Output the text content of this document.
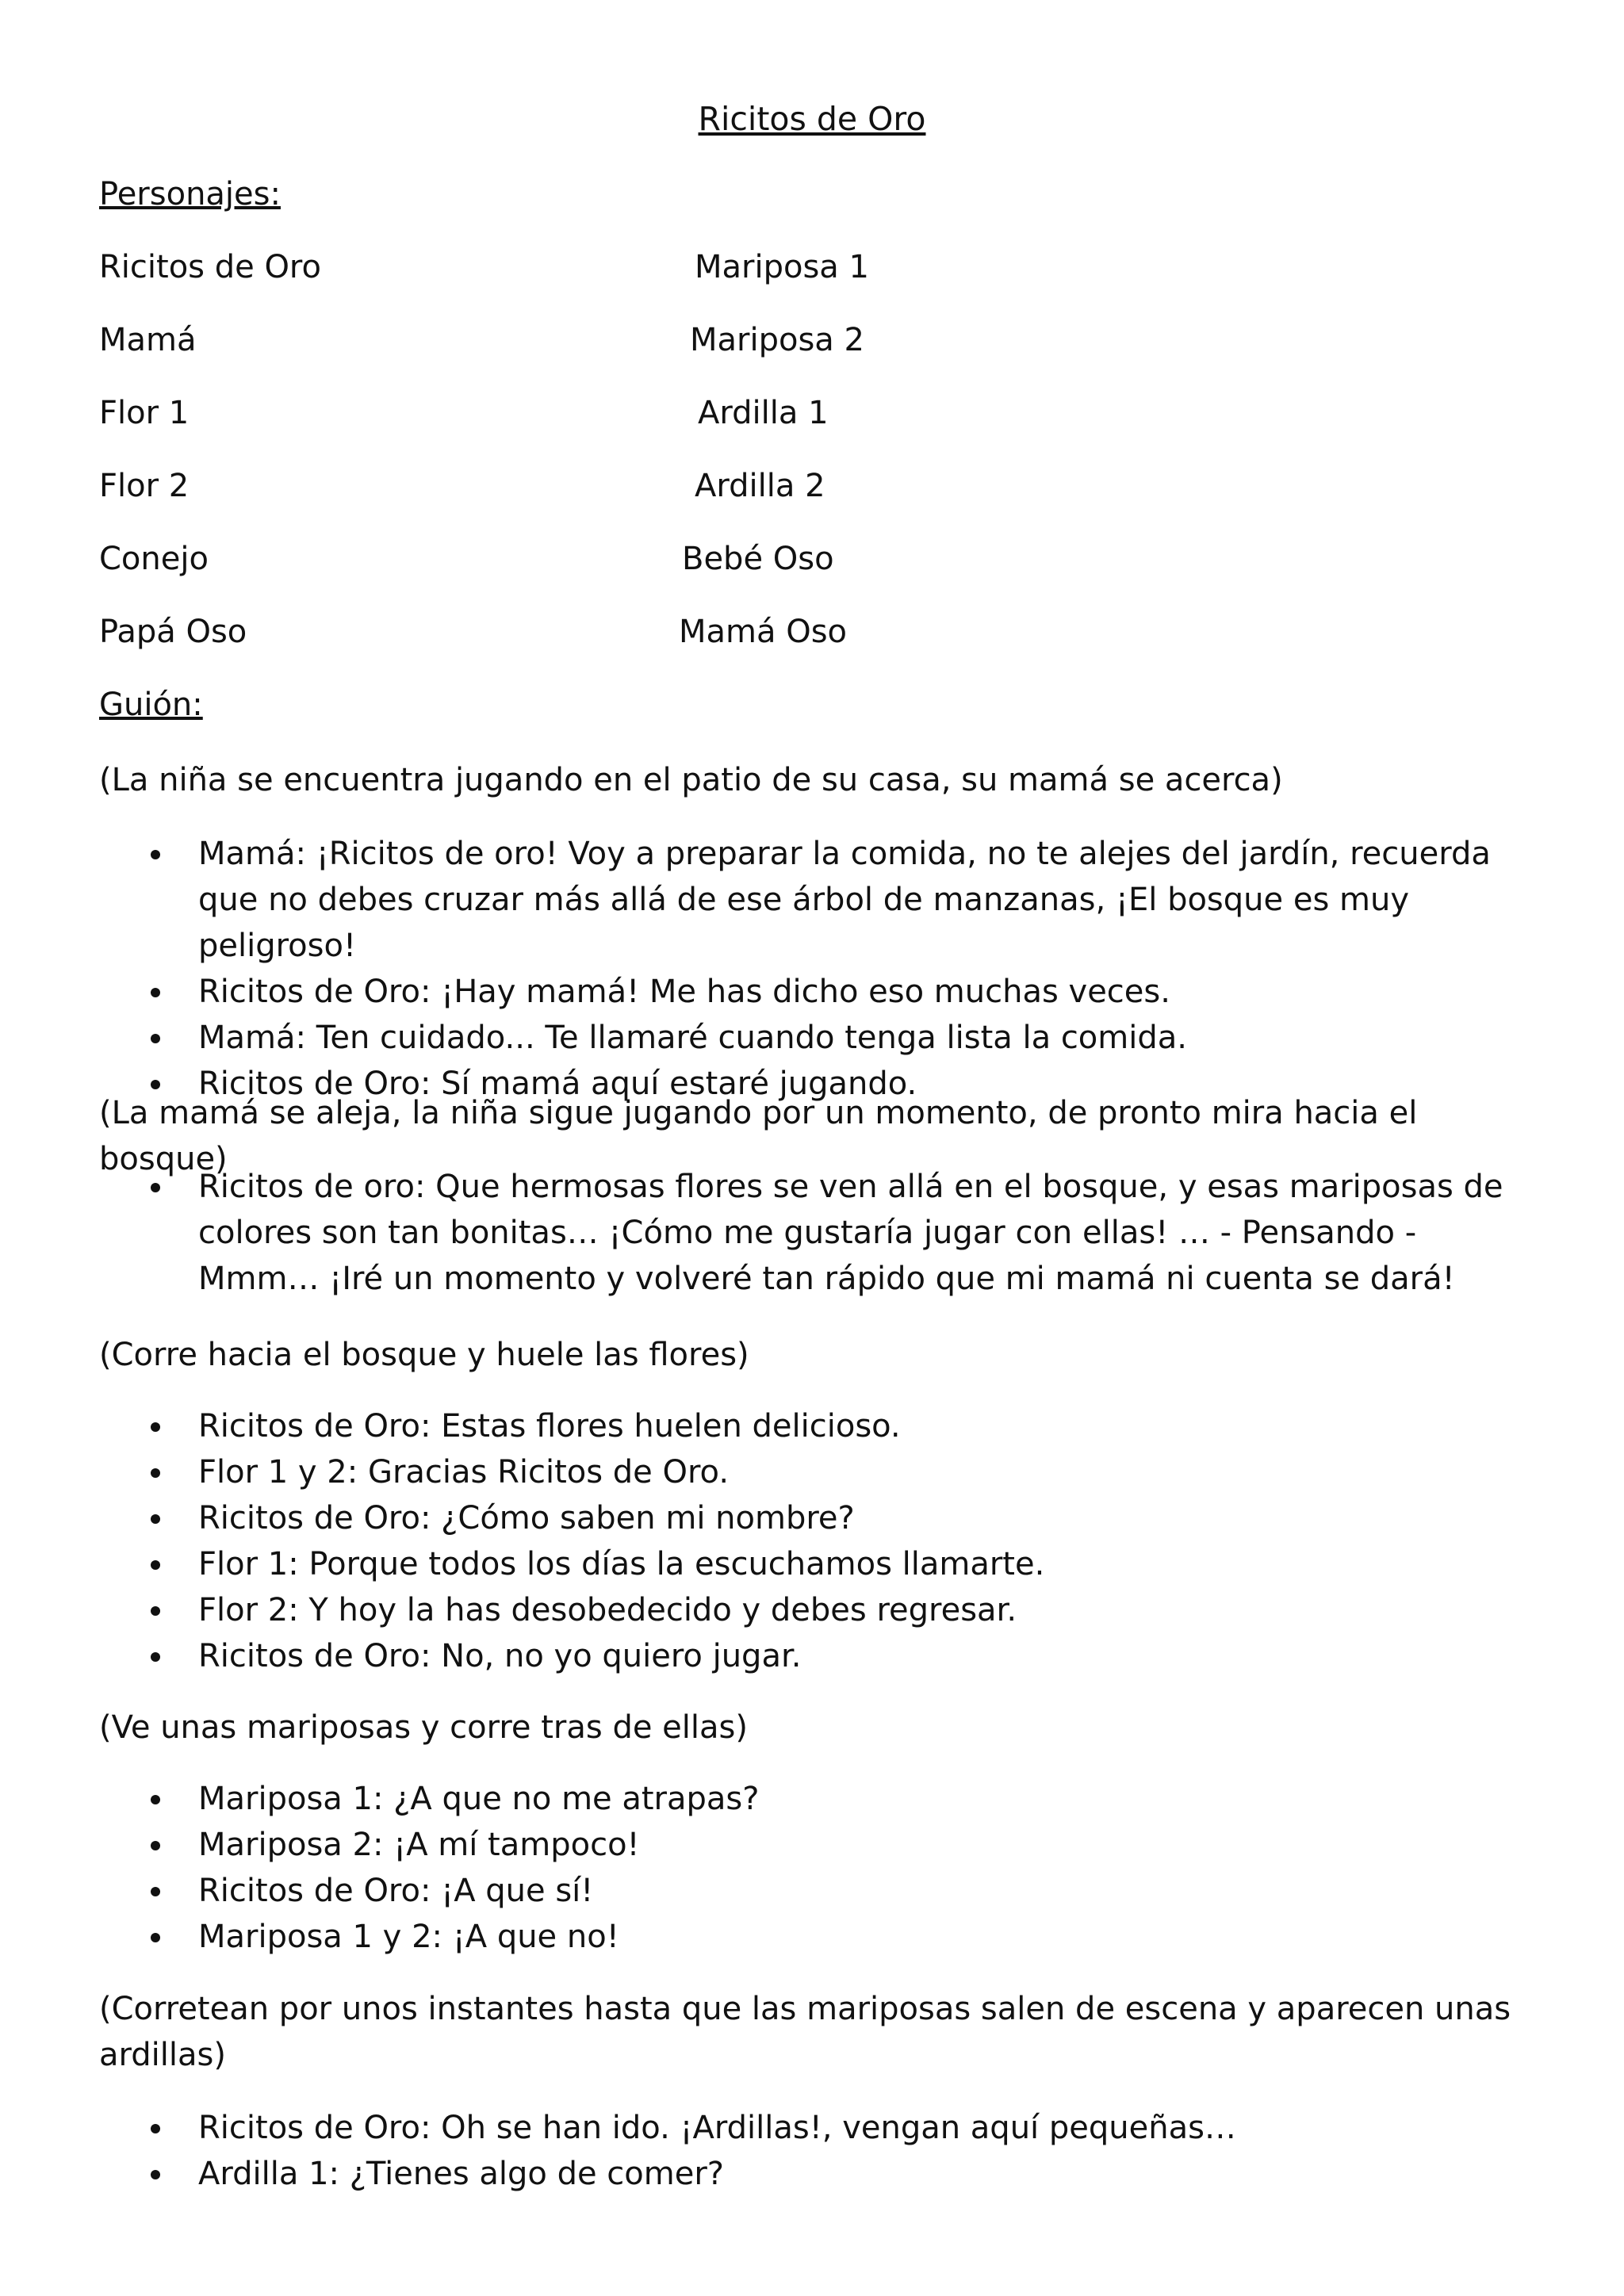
Ricitos de Oro
Personajes:
Ricitos de Oro	Mariposa 1
Mamá	Mariposa 2
Flor 1	Ardilla 1
Flor 2	Ardilla 2
Conejo	Bebé Oso
Papá Oso	Mamá Oso
Guión:
(La niña se encuentra jugando en el patio de su casa, su mamá se acerca)
Mamá: ¡Ricitos de oro! Voy a preparar la comida, no te alejes del jardín, recuerda que no debes cruzar más allá de ese árbol de manzanas, ¡El bosque es muy peligroso!
Ricitos de Oro: ¡Hay mamá! Me has dicho eso muchas veces.
Mamá: Ten cuidado... Te llamaré cuando tenga lista la comida.
Ricitos de Oro: Sí mamá aquí estaré jugando.
(La mamá se aleja, la niña sigue jugando por un momento, de pronto mira hacia el bosque)
Ricitos de oro: Que hermosas flores se ven allá en el bosque, y esas mariposas de colores son tan bonitas… ¡Cómo me gustaría jugar con ellas! … - Pensando - Mmm… ¡Iré un momento y volveré tan rápido que mi mamá ni cuenta se dará!
(Corre hacia el bosque y huele las flores)
Ricitos de Oro: Estas flores huelen delicioso.
Flor 1 y 2: Gracias Ricitos de Oro.
Ricitos de Oro: ¿Cómo saben mi nombre?
Flor 1: Porque todos los días la escuchamos llamarte.
Flor 2: Y hoy la has desobedecido y debes regresar.
Ricitos de Oro: No, no yo quiero jugar.
(Ve unas mariposas y corre tras de ellas)
Mariposa 1: ¿A que no me atrapas?
Mariposa 2: ¡A mí tampoco!
Ricitos de Oro: ¡A que sí!
Mariposa 1 y 2: ¡A que no!
(Corretean por unos instantes hasta que las mariposas salen de escena y aparecen unas ardillas)
Ricitos de Oro: Oh se han ido. ¡Ardillas!, vengan aquí pequeñas…
Ardilla 1: ¿Tienes algo de comer?
